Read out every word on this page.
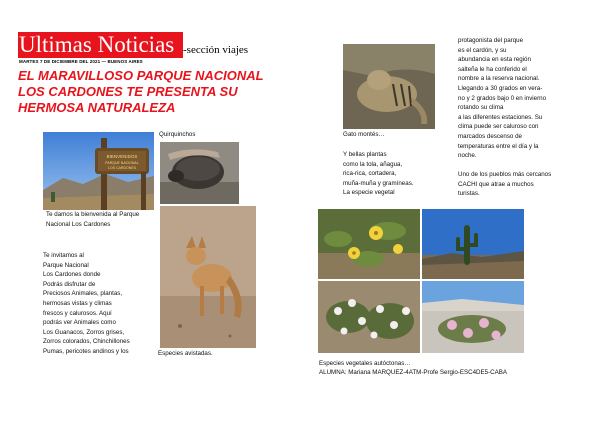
Ultimas Noticias -sección viajes
MARTES 7 DE DICIEMBRE DEL 2021 — BUENOS AIRES
EL MARAVILLOSO PARQUE NACIONAL LOS CARDONES TE PRESENTA SU HERMOSA NATURALEZA
BIENVENIDOS
PARQUE NACIONAL
LOS CARDONES
Te damos la bienvenida al Parque Nacional Los Cardones
Quirquinchos
Especies avistadas.
Te invitamos al
Parque Nacional
Los Cardones donde
Podrás disfrutar de
Preciosos Animales, plantas,
hermosas vistas y climas
frescos y calurosos. Aquí
podrás ver Animales como
Los Guanacos, Zorros grises,
Zorros colorados, Chinchillones
Pumas, pericotes andinos y los
Gato montés…
Y bellas plantas
como la tola, añagua,
rica-rica, cortadera,
muña-muña y gramíneas.
La especie vegetal
protagonista del parque
es el cardón, y su
abundancia en esta región
salteña le ha conferido el
nombre a la reserva nacional.
Llegando a 30 grados en vera-
no y 2 grados bajo 0 en invierno
rotando su clima
a las diferentes estaciones. Su
clima puede ser caluroso con
marcados descenso de
temperaturas entre el día y la
noche.
Uno de los pueblos más cercanos
CACHI que atrae a muchos
turistas.
Especies vegetales autóctonas…
ALUMNA: Mariana MARQUEZ-4ATM-Profe Sergio-ESC4DE5-CABA
